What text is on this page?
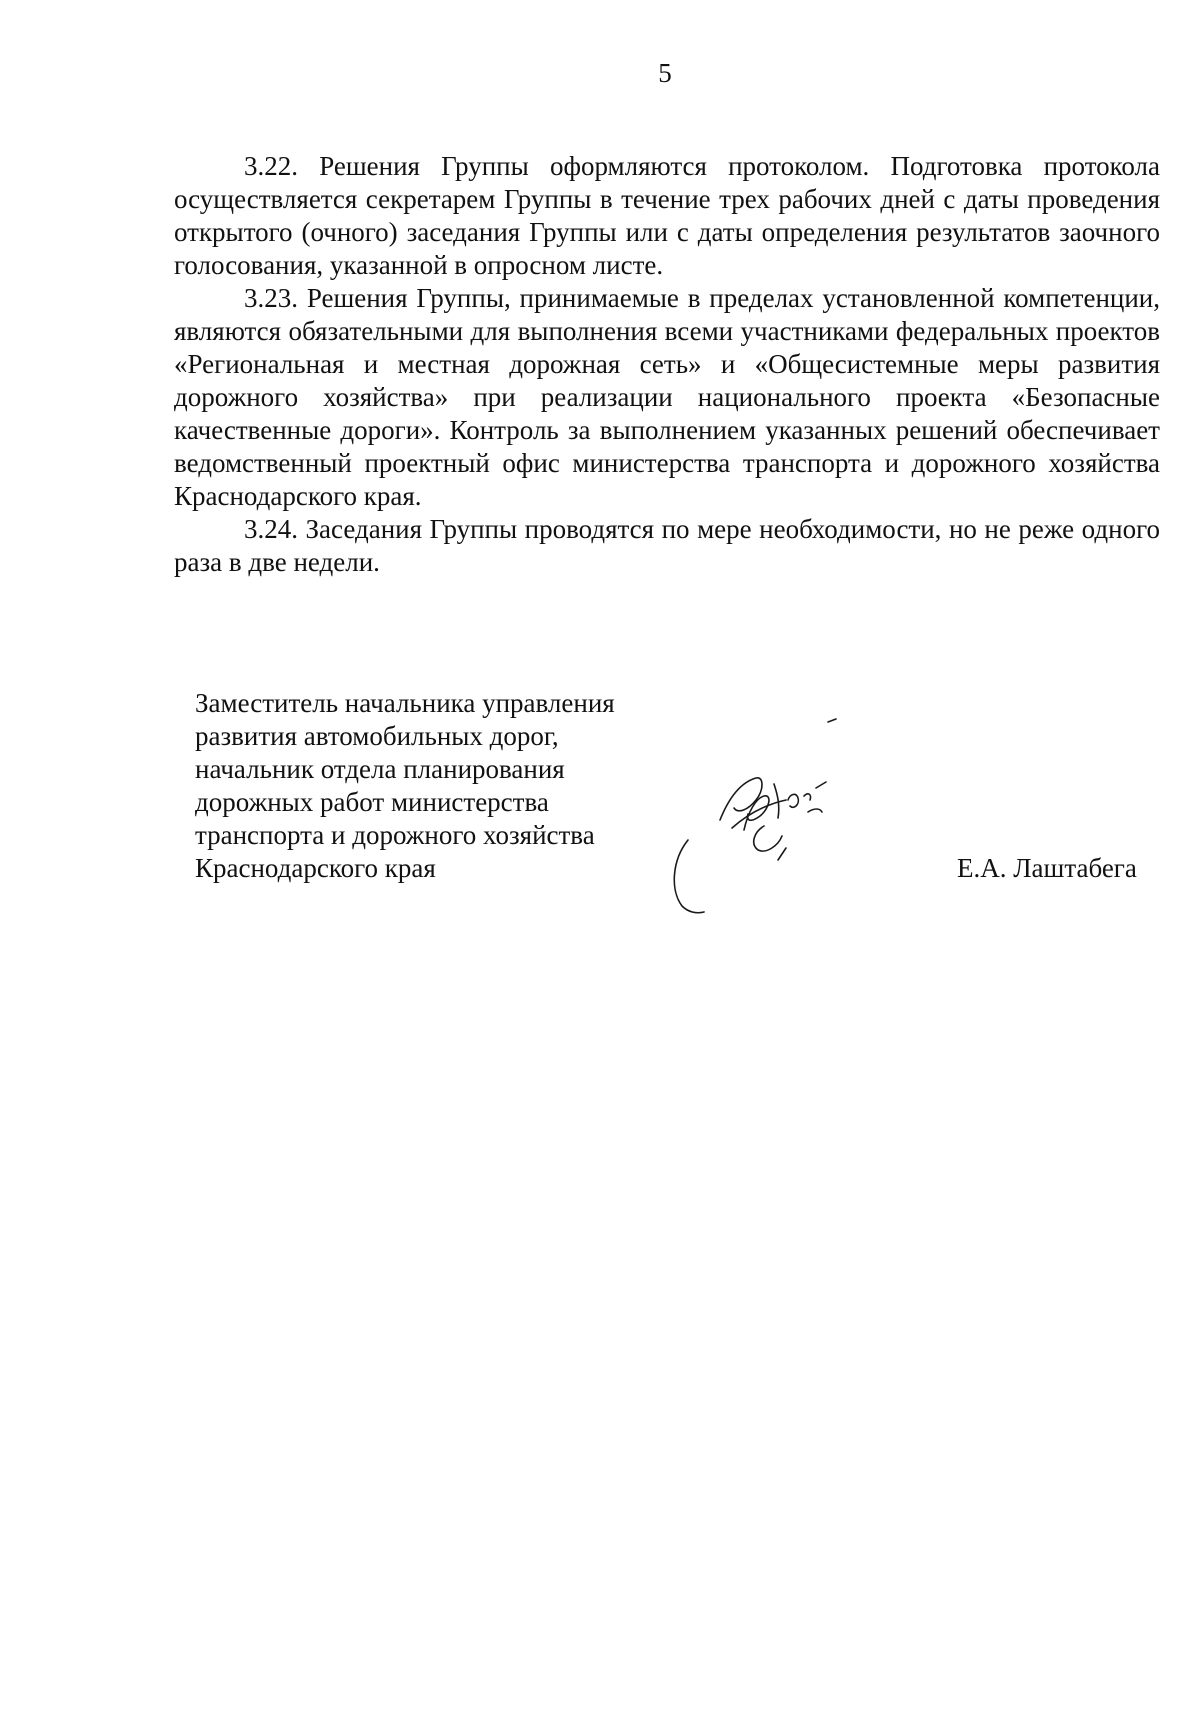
5

3.22. Решения Группы оформляются протоколом. Подготовка протокола осуществляется секретарем Группы в течение трех рабочих дней с даты проведения открытого (очного) заседания Группы или с даты определения результатов заочного голосования, указанной в опросном листе.

3.23. Решения Группы, принимаемые в пределах установленной компетенции, являются обязательными для выполнения всеми участниками федеральных проектов «Региональная и местная дорожная сеть» и «Общесистемные меры развития дорожного хозяйства» при реализации национального проекта «Безопасные качественные дороги». Контроль за выполнением указанных решений обеспечивает ведомственный проектный офис министерства транспорта и дорожного хозяйства Краснодарского края.

3.24. Заседания Группы проводятся по мере необходимости, но не реже одного раза в две недели.

Заместитель начальника управления
развития автомобильных дорог,
начальник отдела планирования
дорожных работ министерства
транспорта и дорожного хозяйства
Краснодарского края	Е.А. Лаштабега
